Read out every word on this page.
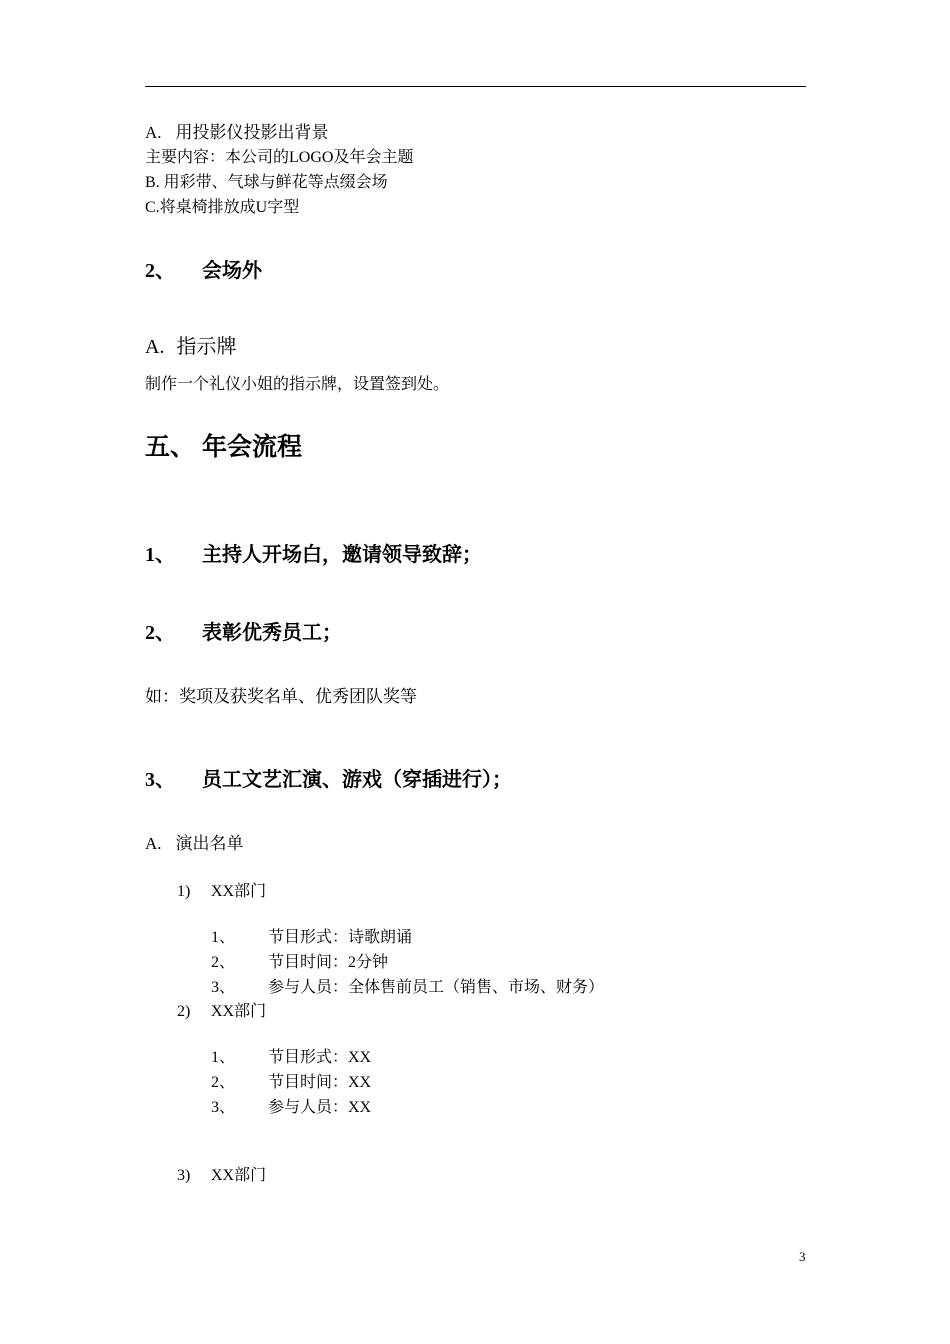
A. 用投影仪投影出背景
主要内容：本公司的LOGO及年会主题
B. 用彩带、气球与鲜花等点缀会场
C.将桌椅排放成U字型
2、 会场外
A. 指示牌
制作一个礼仪小姐的指示牌，设置签到处。
五、 年会流程
1、 主持人开场白，邀请领导致辞；
2、 表彰优秀员工；
如：奖项及获奖名单、优秀团队奖等
3、 员工文艺汇演、游戏（穿插进行）；
A. 演出名单
1) XX部门
1、 节目形式：诗歌朗诵
2、 节目时间：2分钟
3、 参与人员：全体售前员工（销售、市场、财务）
2) XX部门
1、 节目形式：XX
2、 节目时间：XX
3、 参与人员：XX
3) XX部门
3
